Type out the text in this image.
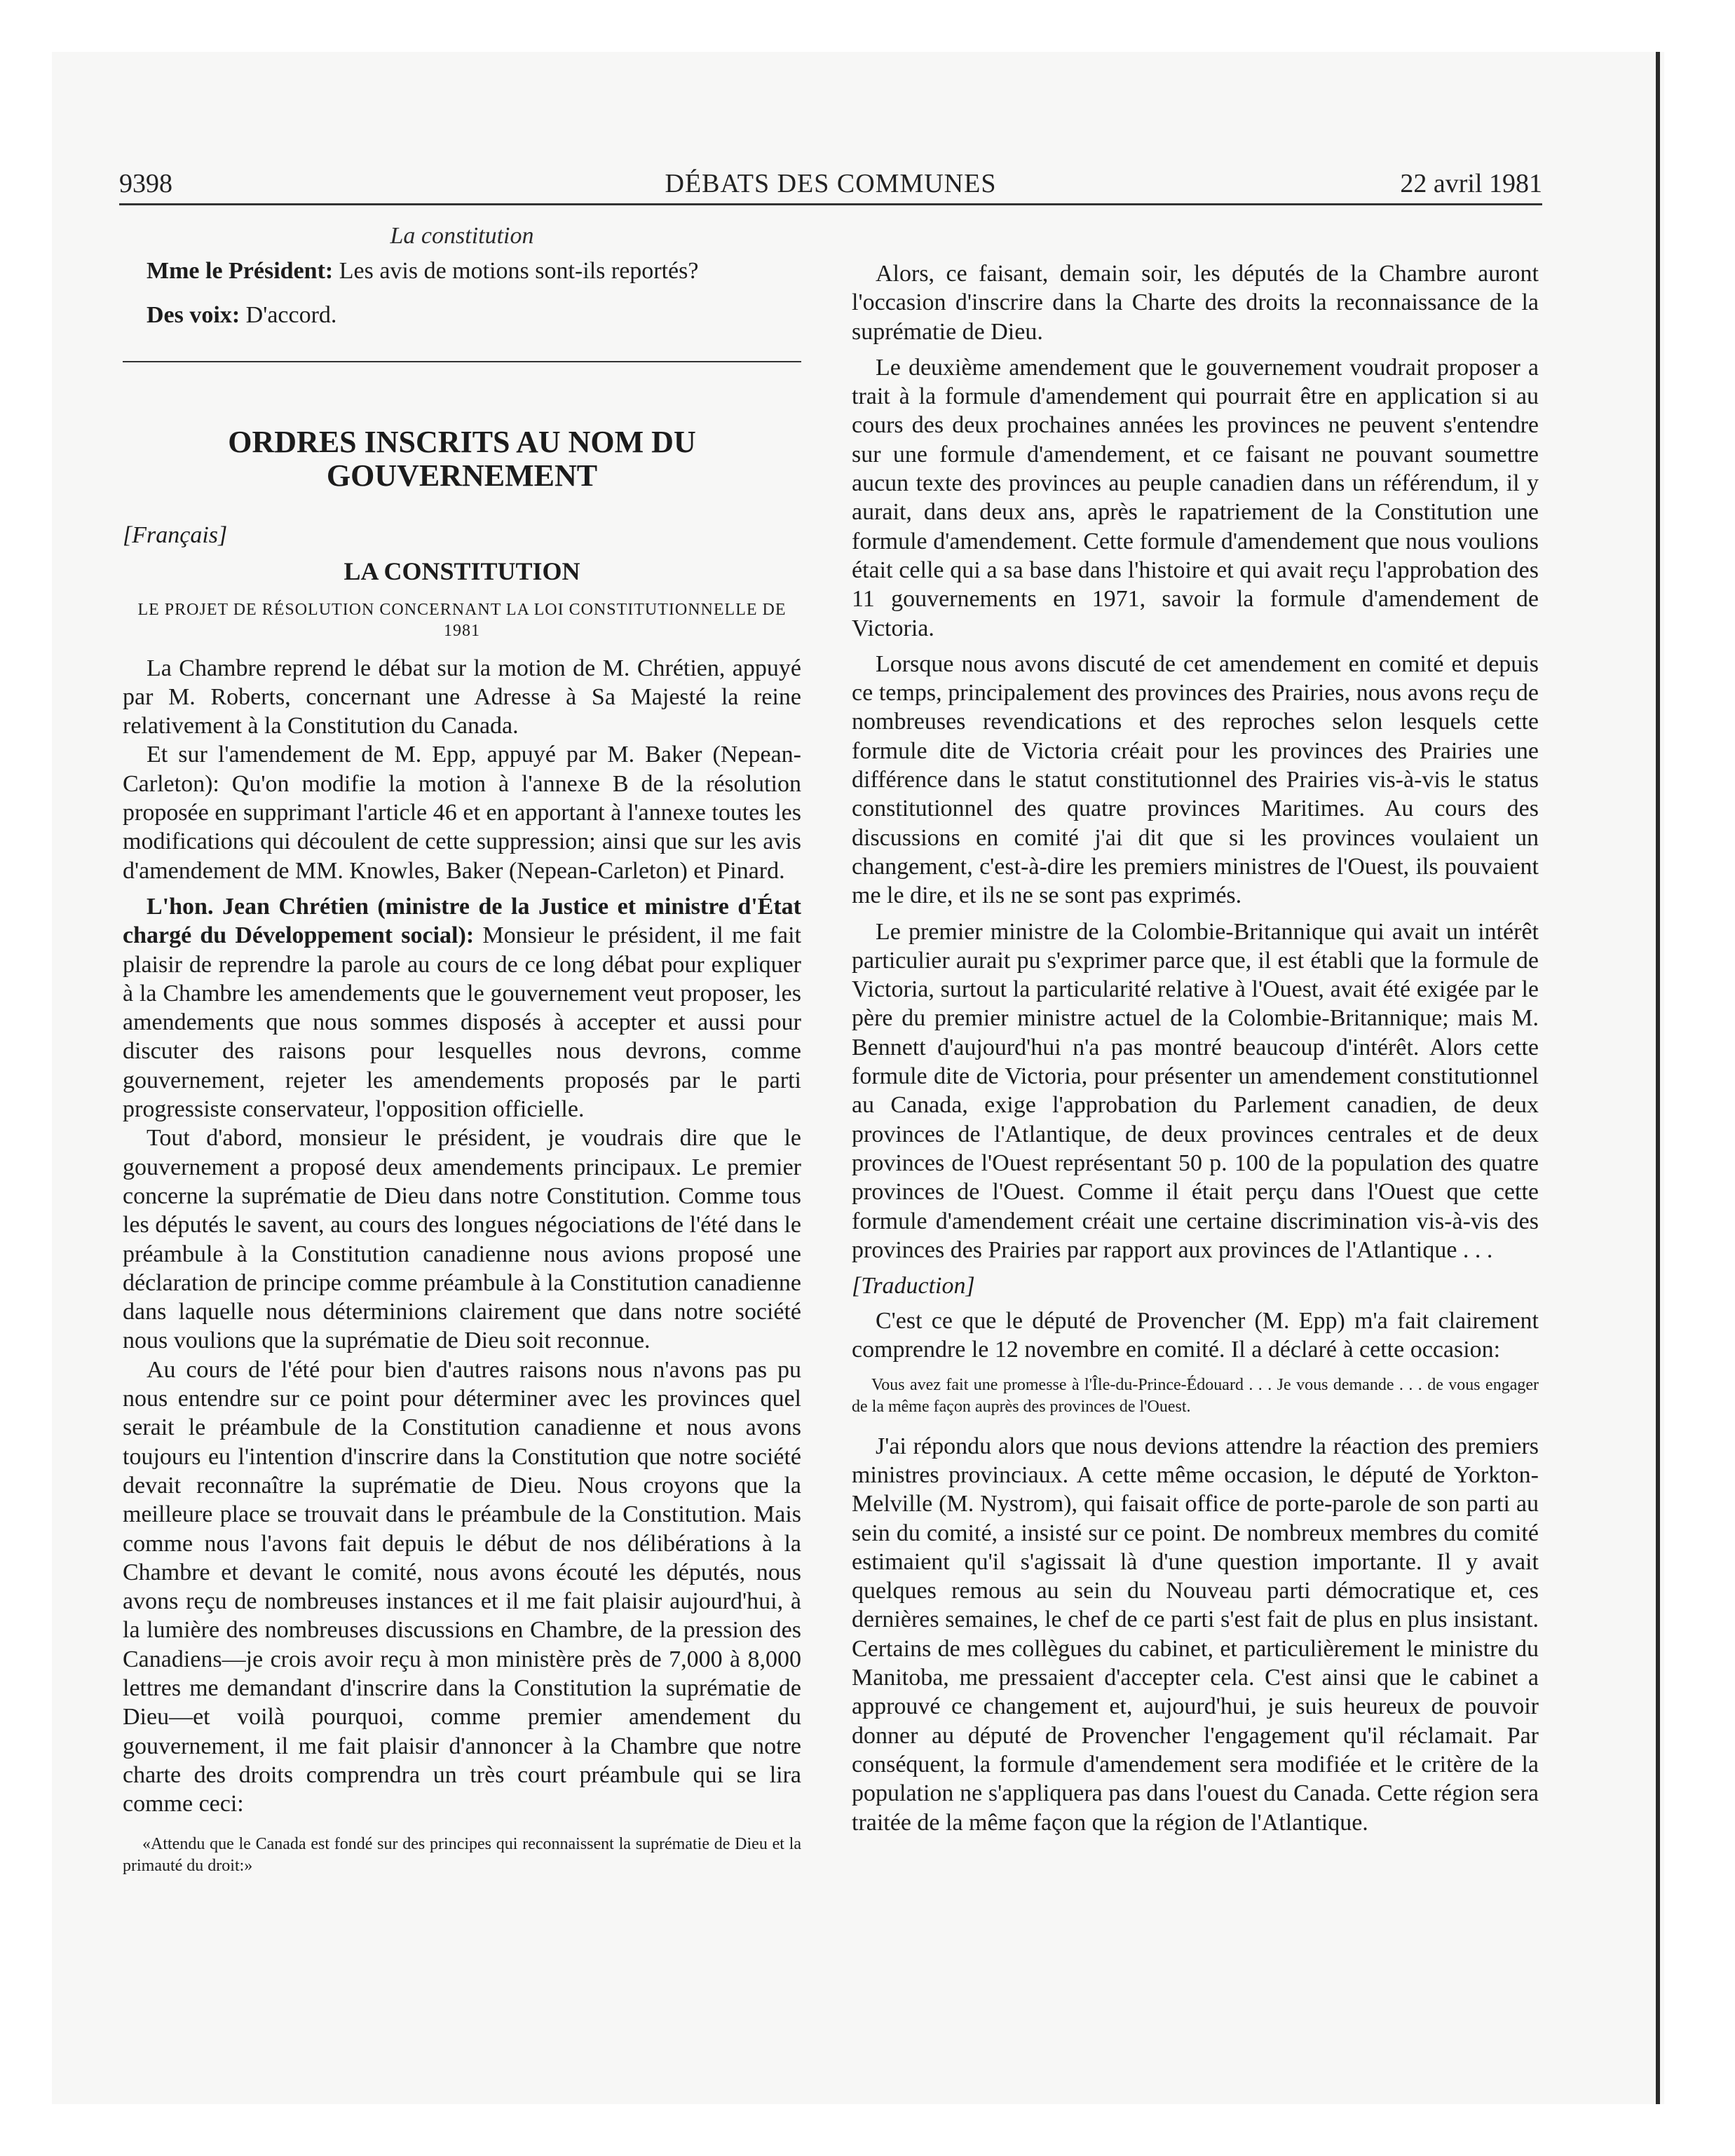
9398	DÉBATS DES COMMUNES	22 avril 1981
La constitution

Mme le Président: Les avis de motions sont-ils reportés?

Des voix: D'accord.

ORDRES INSCRITS AU NOM DU GOUVERNEMENT
[Français]
LA CONSTITUTION
LE PROJET DE RÉSOLUTION CONCERNANT LA LOI CONSTITUTIONNELLE DE 1981

La Chambre reprend le débat sur la motion de M. Chrétien, appuyé par M. Roberts, concernant une Adresse à Sa Majesté la reine relativement à la Constitution du Canada.

Et sur l'amendement de M. Epp, appuyé par M. Baker (Nepean-Carleton): Qu'on modifie la motion à l'annexe B de la résolution proposée en supprimant l'article 46 et en apportant à l'annexe toutes les modifications qui découlent de cette suppression; ainsi que sur les avis d'amendement de MM. Knowles, Baker (Nepean-Carleton) et Pinard.

L'hon. Jean Chrétien (ministre de la Justice et ministre d'État chargé du Développement social): Monsieur le président, il me fait plaisir de reprendre la parole au cours de ce long débat pour expliquer à la Chambre les amendements que le gouvernement veut proposer, les amendements que nous sommes disposés à accepter et aussi pour discuter des raisons pour lesquelles nous devrons, comme gouvernement, rejeter les amendements proposés par le parti progressiste conservateur, l'opposition officielle.

Tout d'abord, monsieur le président, je voudrais dire que le gouvernement a proposé deux amendements principaux. Le premier concerne la suprématie de Dieu dans notre Constitution. Comme tous les députés le savent, au cours des longues négociations de l'été dans le préambule à la Constitution canadienne nous avions proposé une déclaration de principe comme préambule à la Constitution canadienne dans laquelle nous déterminions clairement que dans notre société nous voulions que la suprématie de Dieu soit reconnue.

Au cours de l'été pour bien d'autres raisons nous n'avons pas pu nous entendre sur ce point pour déterminer avec les provinces quel serait le préambule de la Constitution canadienne et nous avons toujours eu l'intention d'inscrire dans la Constitution que notre société devait reconnaître la suprématie de Dieu. Nous croyons que la meilleure place se trouvait dans le préambule de la Constitution. Mais comme nous l'avons fait depuis le début de nos délibérations à la Chambre et devant le comité, nous avons écouté les députés, nous avons reçu de nombreuses instances et il me fait plaisir aujourd'hui, à la lumière des nombreuses discussions en Chambre, de la pression des Canadiens—je crois avoir reçu à mon ministère près de 7,000 à 8,000 lettres me demandant d'inscrire dans la Constitution la suprématie de Dieu—et voilà pourquoi, comme premier amendement du gouvernement, il me fait plaisir d'annoncer à la Chambre que notre charte des droits comprendra un très court préambule qui se lira comme ceci:

«Attendu que le Canada est fondé sur des principes qui reconnaissent la suprématie de Dieu et la primauté du droit:»

Alors, ce faisant, demain soir, les députés de la Chambre auront l'occasion d'inscrire dans la Charte des droits la reconnaissance de la suprématie de Dieu.

Le deuxième amendement que le gouvernement voudrait proposer a trait à la formule d'amendement qui pourrait être en application si au cours des deux prochaines années les provinces ne peuvent s'entendre sur une formule d'amendement, et ce faisant ne pouvant soumettre aucun texte des provinces au peuple canadien dans un référendum, il y aurait, dans deux ans, après le rapatriement de la Constitution une formule d'amendement. Cette formule d'amendement que nous voulions était celle qui a sa base dans l'histoire et qui avait reçu l'approbation des 11 gouvernements en 1971, savoir la formule d'amendement de Victoria.

Lorsque nous avons discuté de cet amendement en comité et depuis ce temps, principalement des provinces des Prairies, nous avons reçu de nombreuses revendications et des reproches selon lesquels cette formule dite de Victoria créait pour les provinces des Prairies une différence dans le statut constitutionnel des Prairies vis-à-vis le status constitutionnel des quatre provinces Maritimes. Au cours des discussions en comité j'ai dit que si les provinces voulaient un changement, c'est-à-dire les premiers ministres de l'Ouest, ils pouvaient me le dire, et ils ne se sont pas exprimés.

Le premier ministre de la Colombie-Britannique qui avait un intérêt particulier aurait pu s'exprimer parce que, il est établi que la formule de Victoria, surtout la particularité relative à l'Ouest, avait été exigée par le père du premier ministre actuel de la Colombie-Britannique; mais M. Bennett d'aujourd'hui n'a pas montré beaucoup d'intérêt. Alors cette formule dite de Victoria, pour présenter un amendement constitutionnel au Canada, exige l'approbation du Parlement canadien, de deux provinces de l'Atlantique, de deux provinces centrales et de deux provinces de l'Ouest représentant 50 p. 100 de la population des quatre provinces de l'Ouest. Comme il était perçu dans l'Ouest que cette formule d'amendement créait une certaine discrimination vis-à-vis des provinces des Prairies par rapport aux provinces de l'Atlantique . . .

[Traduction]

C'est ce que le député de Provencher (M. Epp) m'a fait clairement comprendre le 12 novembre en comité. Il a déclaré à cette occasion:

Vous avez fait une promesse à l'Île-du-Prince-Édouard . . . Je vous demande . . . de vous engager de la même façon auprès des provinces de l'Ouest.

J'ai répondu alors que nous devions attendre la réaction des premiers ministres provinciaux. A cette même occasion, le député de Yorkton-Melville (M. Nystrom), qui faisait office de porte-parole de son parti au sein du comité, a insisté sur ce point. De nombreux membres du comité estimaient qu'il s'agissait là d'une question importante. Il y avait quelques remous au sein du Nouveau parti démocratique et, ces dernières semaines, le chef de ce parti s'est fait de plus en plus insistant. Certains de mes collègues du cabinet, et particulièrement le ministre du Manitoba, me pressaient d'accepter cela. C'est ainsi que le cabinet a approuvé ce changement et, aujourd'hui, je suis heureux de pouvoir donner au député de Provencher l'engagement qu'il réclamait. Par conséquent, la formule d'amendement sera modifiée et le critère de la population ne s'appliquera pas dans l'ouest du Canada. Cette région sera traitée de la même façon que la région de l'Atlantique.
